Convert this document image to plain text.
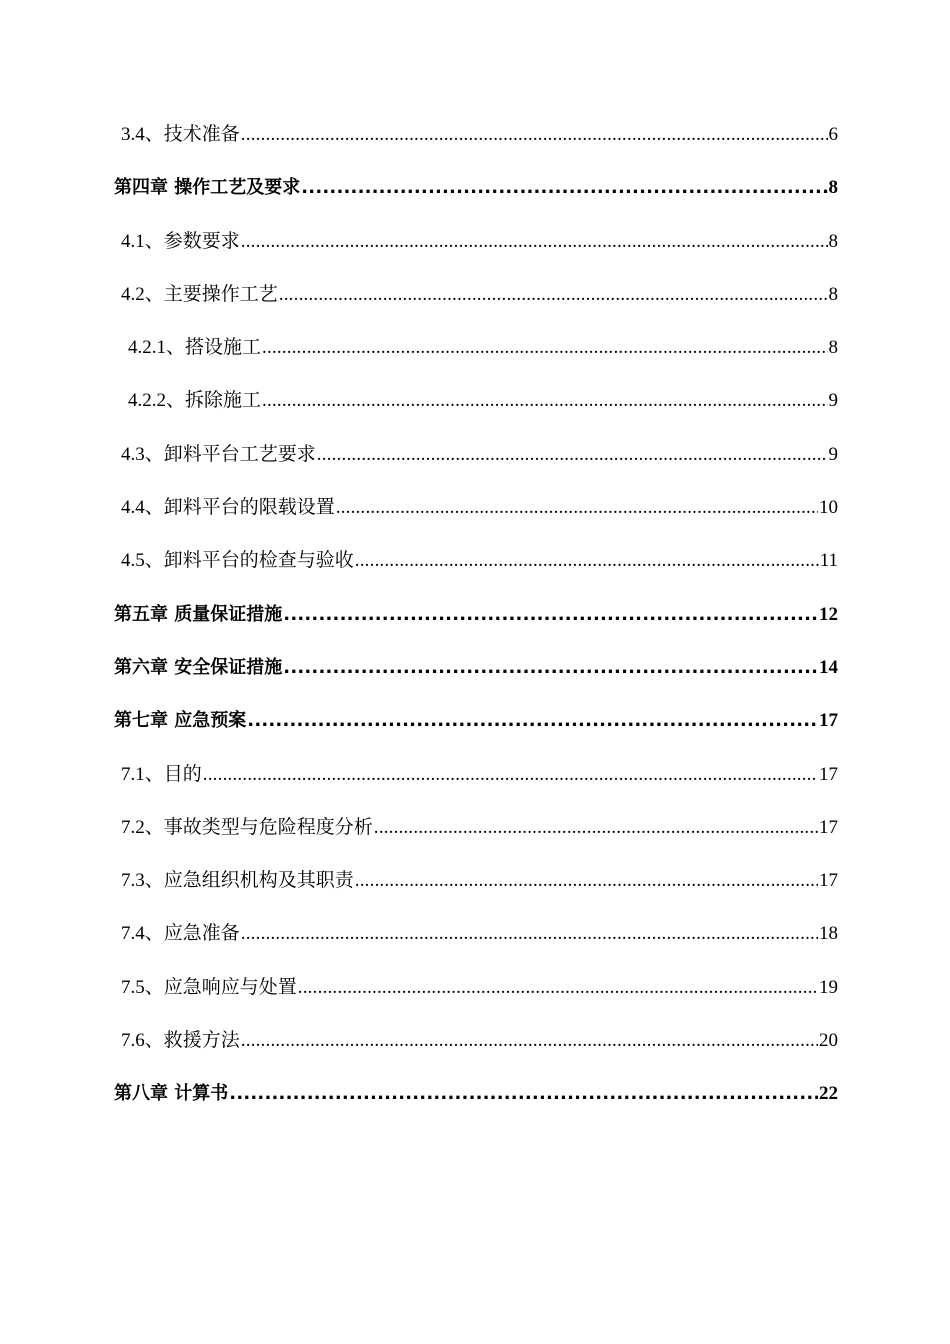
3.4、技术准备 .....	6
第四章 操作工艺及要求 .....	8
4.1、参数要求 .....	8
4.2、主要操作工艺 .....	8
4.2.1、搭设施工 .....	8
4.2.2、拆除施工 .....	9
4.3、卸料平台工艺要求 .....	9
4.4、卸料平台的限载设置 .....	10
4.5、卸料平台的检查与验收 .....	11
第五章 质量保证措施 .....	12
第六章 安全保证措施 .....	14
第七章 应急预案 .....	17
7.1、目的 .....	17
7.2、事故类型与危险程度分析 .....	17
7.3、应急组织机构及其职责 .....	17
7.4、应急准备 .....	18
7.5、应急响应与处置 .....	19
7.6、救援方法 .....	20
第八章 计算书 .....	22
